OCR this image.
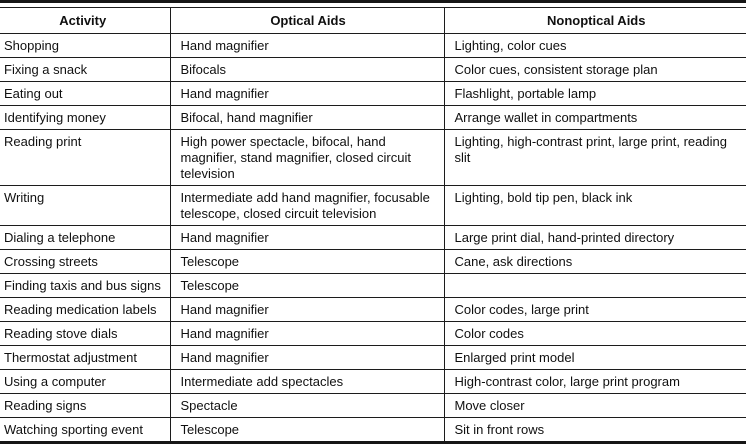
Activity	Optical Aids	Nonoptical Aids
Shopping	Hand magnifier	Lighting, color cues
Fixing a snack	Bifocals	Color cues, consistent storage plan
Eating out	Hand magnifier	Flashlight, portable lamp
Identifying money	Bifocal, hand magnifier	Arrange wallet in compartments
Reading print	High power spectacle, bifocal, hand magnifier, stand magnifier, closed circuit television	Lighting, high-contrast print, large print, reading slit
Writing	Intermediate add hand magnifier, focusable telescope, closed circuit television	Lighting, bold tip pen, black ink
Dialing a telephone	Hand magnifier	Large print dial, hand-printed directory
Crossing streets	Telescope	Cane, ask directions
Finding taxis and bus signs	Telescope	
Reading medication labels	Hand magnifier	Color codes, large print
Reading stove dials	Hand magnifier	Color codes
Thermostat adjustment	Hand magnifier	Enlarged print model
Using a computer	Intermediate add spectacles	High-contrast color, large print program
Reading signs	Spectacle	Move closer
Watching sporting event	Telescope	Sit in front rows
